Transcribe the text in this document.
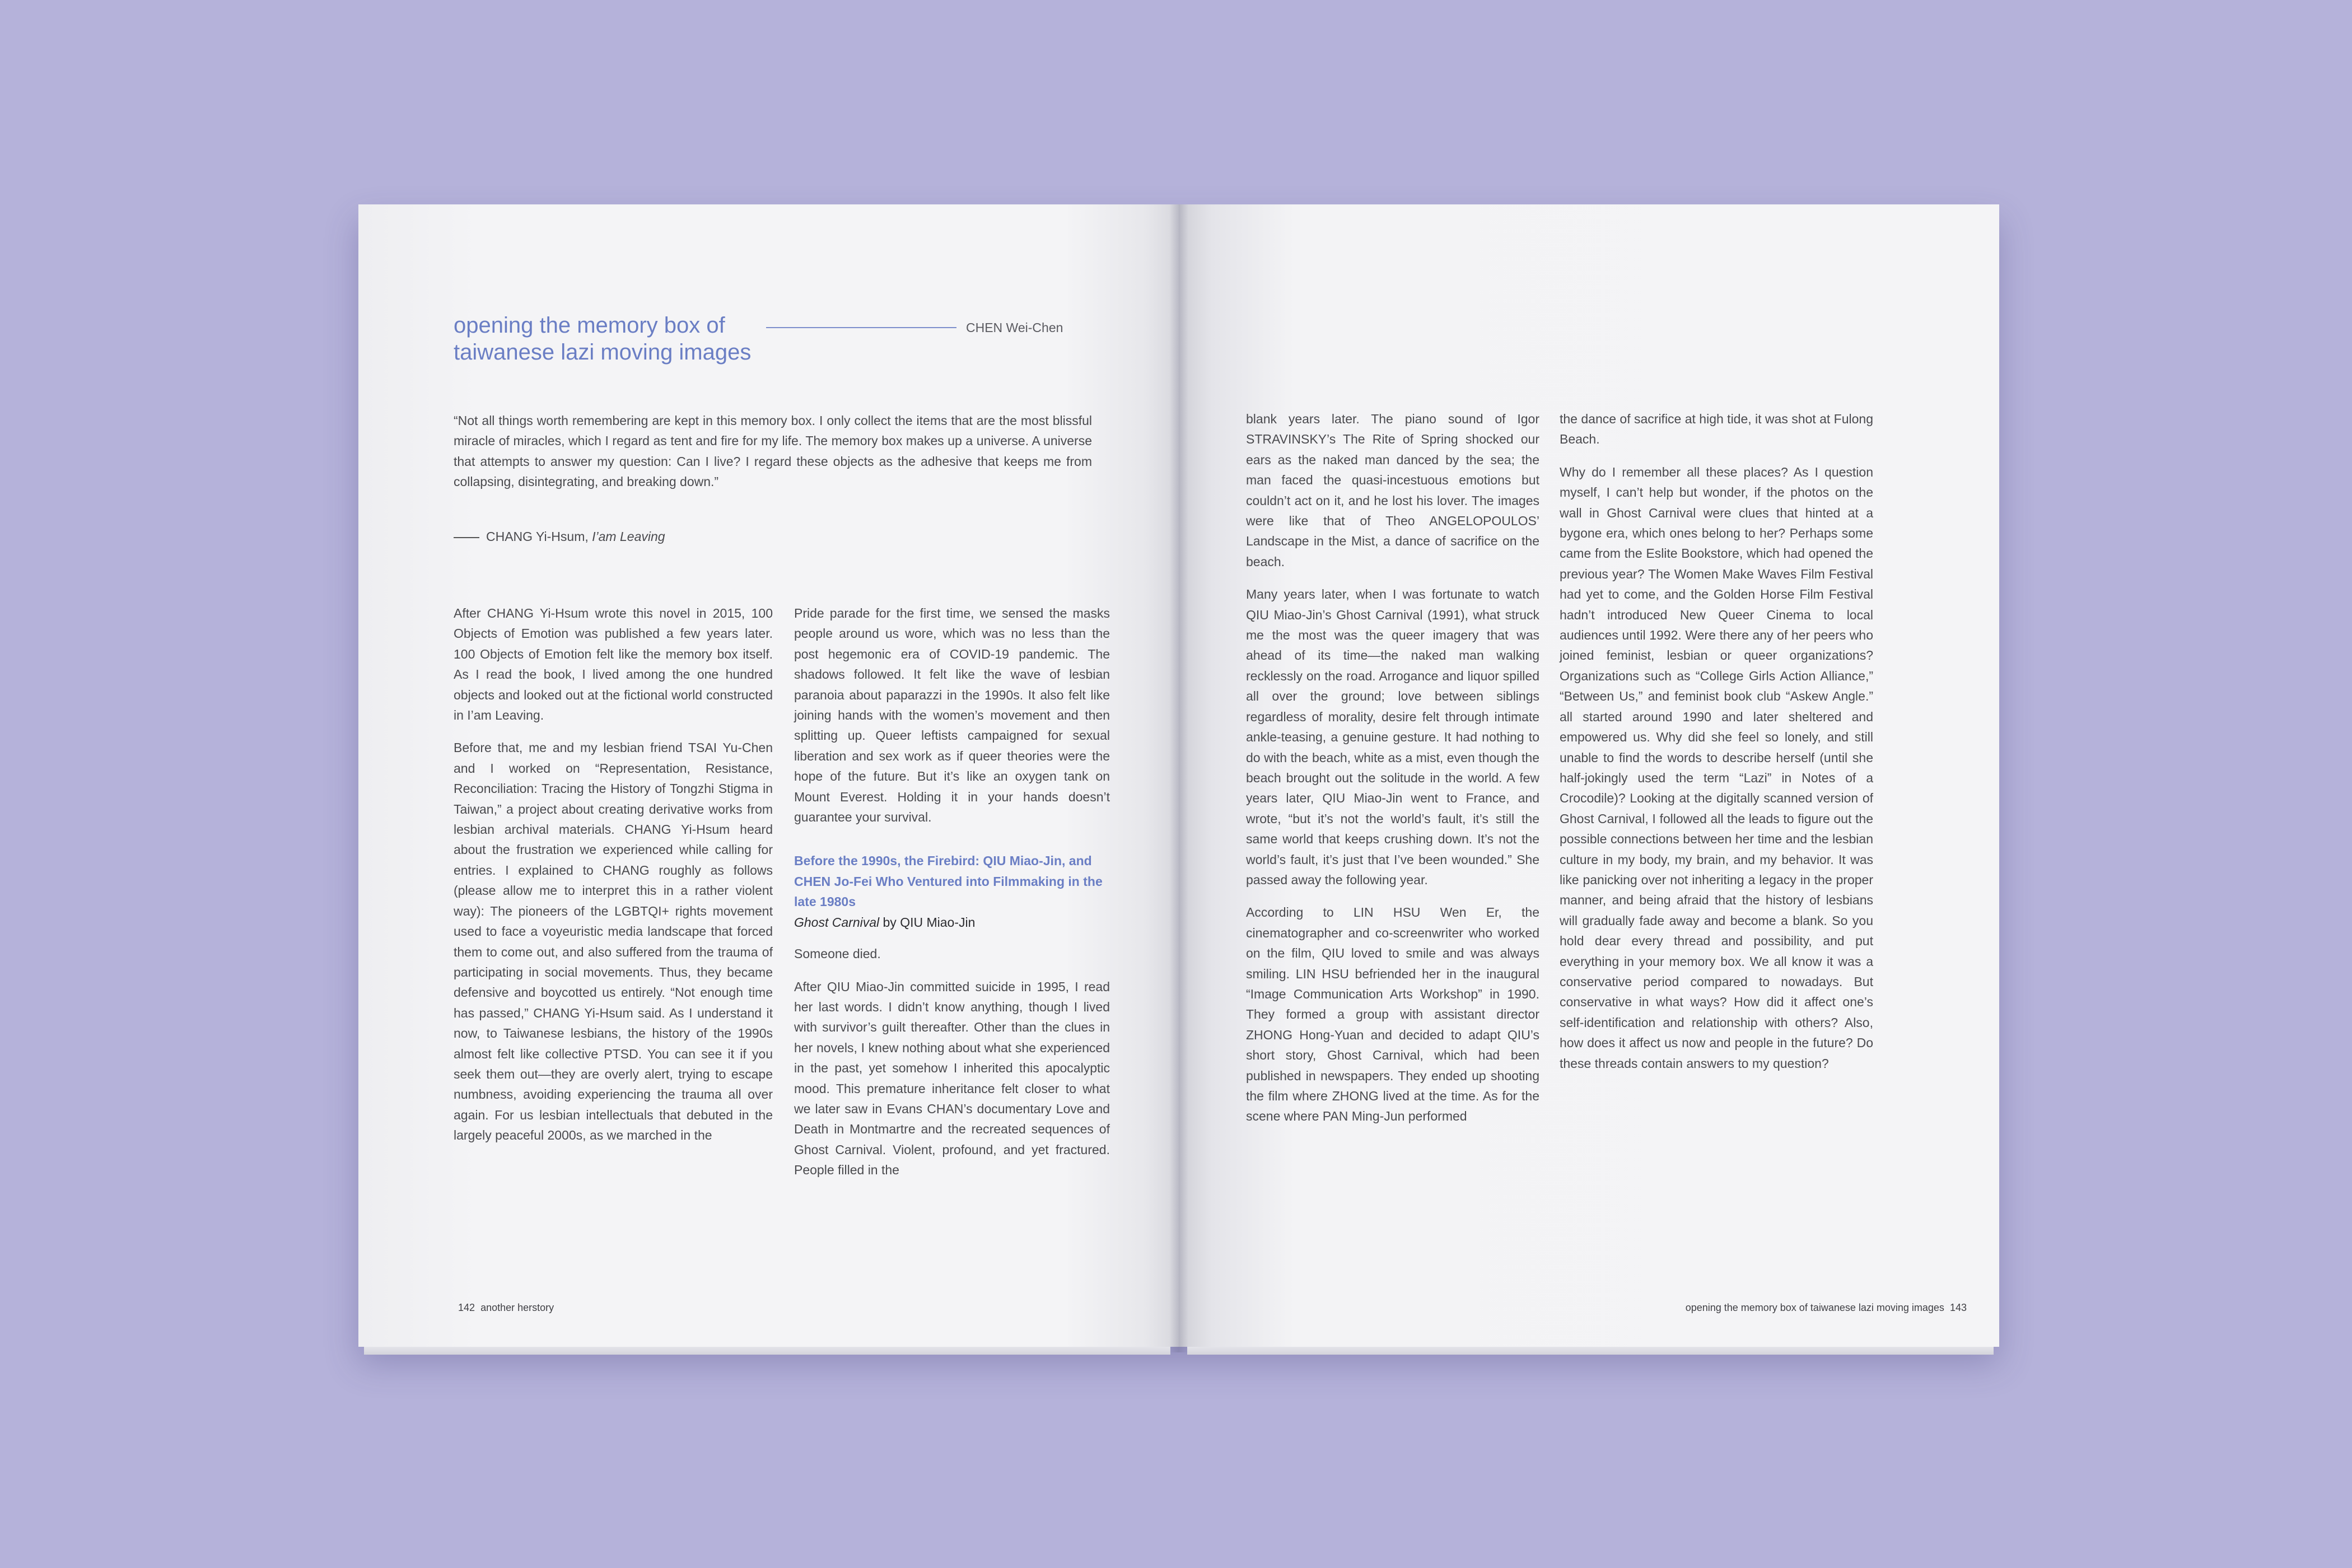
opening the memory box of
taiwanese lazi moving images
CHEN Wei-Chen
“Not all things worth remembering are kept in this memory box. I only collect the items that are the most blissful miracle of miracles, which I regard as tent and fire for my life. The memory box makes up a universe. A universe that attempts to answer my question: Can I live? I regard these objects as the adhesive that keeps me from collapsing, disintegrating, and breaking down.”
CHANG Yi-Hsum, I’am Leaving

After CHANG Yi-Hsum wrote this novel in 2015, 100 Objects of Emotion was published a few years later. 100 Objects of Emotion felt like the memory box itself. As I read the book, I lived among the one hundred objects and looked out at the fictional world constructed in I’am Leaving.

Before that, me and my lesbian friend TSAI Yu-Chen and I worked on “Representation, Resistance, Reconciliation: Tracing the History of Tongzhi Stigma in Taiwan,” a project about creating derivative works from lesbian archival materials. CHANG Yi-Hsum heard about the frustration we experienced while calling for entries. I explained to CHANG roughly as follows (please allow me to interpret this in a rather violent way): The pioneers of the LGBTQI+ rights movement used to face a voyeuristic media landscape that forced them to come out, and also suffered from the trauma of participating in social movements. Thus, they became defensive and boycotted us entirely. “Not enough time has passed,” CHANG Yi-Hsum said. As I understand it now, to Taiwanese lesbians, the history of the 1990s almost felt like collective PTSD. You can see it if you seek them out—they are overly alert, trying to escape numbness, avoiding experiencing the trauma all over again. For us lesbian intellectuals that debuted in the largely peaceful 2000s, as we marched in the

Pride parade for the first time, we sensed the masks people around us wore, which was no less than the post hegemonic era of COVID-19 pandemic. The shadows followed. It felt like the wave of lesbian paranoia about paparazzi in the 1990s. It also felt like joining hands with the women’s movement and then splitting up. Queer leftists campaigned for sexual liberation and sex work as if queer theories were the hope of the future. But it’s like an oxygen tank on Mount Everest. Holding it in your hands doesn’t guarantee your survival.

Before the 1990s, the Firebird: QIU Miao-Jin, and CHEN Jo-Fei Who Ventured into Filmmaking in the late 1980s

Ghost Carnival by QIU Miao-Jin

Someone died.

After QIU Miao-Jin committed suicide in 1995, I read her last words. I didn’t know anything, though I lived with survivor’s guilt thereafter. Other than the clues in her novels, I knew nothing about what she experienced in the past, yet somehow I inherited this apocalyptic mood. This premature inheritance felt closer to what we later saw in Evans CHAN’s documentary Love and Death in Montmartre and the recreated sequences of Ghost Carnival. Violent, profound, and yet fractured. People filled in the

142 another herstory

blank years later. The piano sound of Igor STRAVINSKY’s The Rite of Spring shocked our ears as the naked man danced by the sea; the man faced the quasi-incestuous emotions but couldn’t act on it, and he lost his lover. The images were like that of Theo ANGELOPOULOS’ Landscape in the Mist, a dance of sacrifice on the beach.

Many years later, when I was fortunate to watch QIU Miao-Jin’s Ghost Carnival (1991), what struck me the most was the queer imagery that was ahead of its time—the naked man walking recklessly on the road. Arrogance and liquor spilled all over the ground; love between siblings regardless of morality, desire felt through intimate ankle-teasing, a genuine gesture. It had nothing to do with the beach, white as a mist, even though the beach brought out the solitude in the world. A few years later, QIU Miao-Jin went to France, and wrote, “but it’s not the world’s fault, it’s still the same world that keeps crushing down. It’s not the world’s fault, it’s just that I’ve been wounded.” She passed away the following year.

According to LIN HSU Wen Er, the cinematographer and co-screenwriter who worked on the film, QIU loved to smile and was always smiling. LIN HSU befriended her in the inaugural “Image Communication Arts Workshop” in 1990. They formed a group with assistant director ZHONG Hong-Yuan and decided to adapt QIU’s short story, Ghost Carnival, which had been published in newspapers. They ended up shooting the film where ZHONG lived at the time. As for the scene where PAN Ming-Jun performed

the dance of sacrifice at high tide, it was shot at Fulong Beach.

Why do I remember all these places? As I question myself, I can’t help but wonder, if the photos on the wall in Ghost Carnival were clues that hinted at a bygone era, which ones belong to her? Perhaps some came from the Eslite Bookstore, which had opened the previous year? The Women Make Waves Film Festival had yet to come, and the Golden Horse Film Festival hadn’t introduced New Queer Cinema to local audiences until 1992. Were there any of her peers who joined feminist, lesbian or queer organizations? Organizations such as “College Girls Action Alliance,” “Between Us,” and feminist book club “Askew Angle.” all started around 1990 and later sheltered and empowered us. Why did she feel so lonely, and still unable to find the words to describe herself (until she half-jokingly used the term “Lazi” in Notes of a Crocodile)? Looking at the digitally scanned version of Ghost Carnival, I followed all the leads to figure out the possible connections between her time and the lesbian culture in my body, my brain, and my behavior. It was like panicking over not inheriting a legacy in the proper manner, and being afraid that the history of lesbians will gradually fade away and become a blank. So you hold dear every thread and possibility, and put everything in your memory box. We all know it was a conservative period compared to nowadays. But conservative in what ways? How did it affect one’s self-identification and relationship with others? Also, how does it affect us now and people in the future? Do these threads contain answers to my question?

opening the memory box of taiwanese lazi moving images 143
